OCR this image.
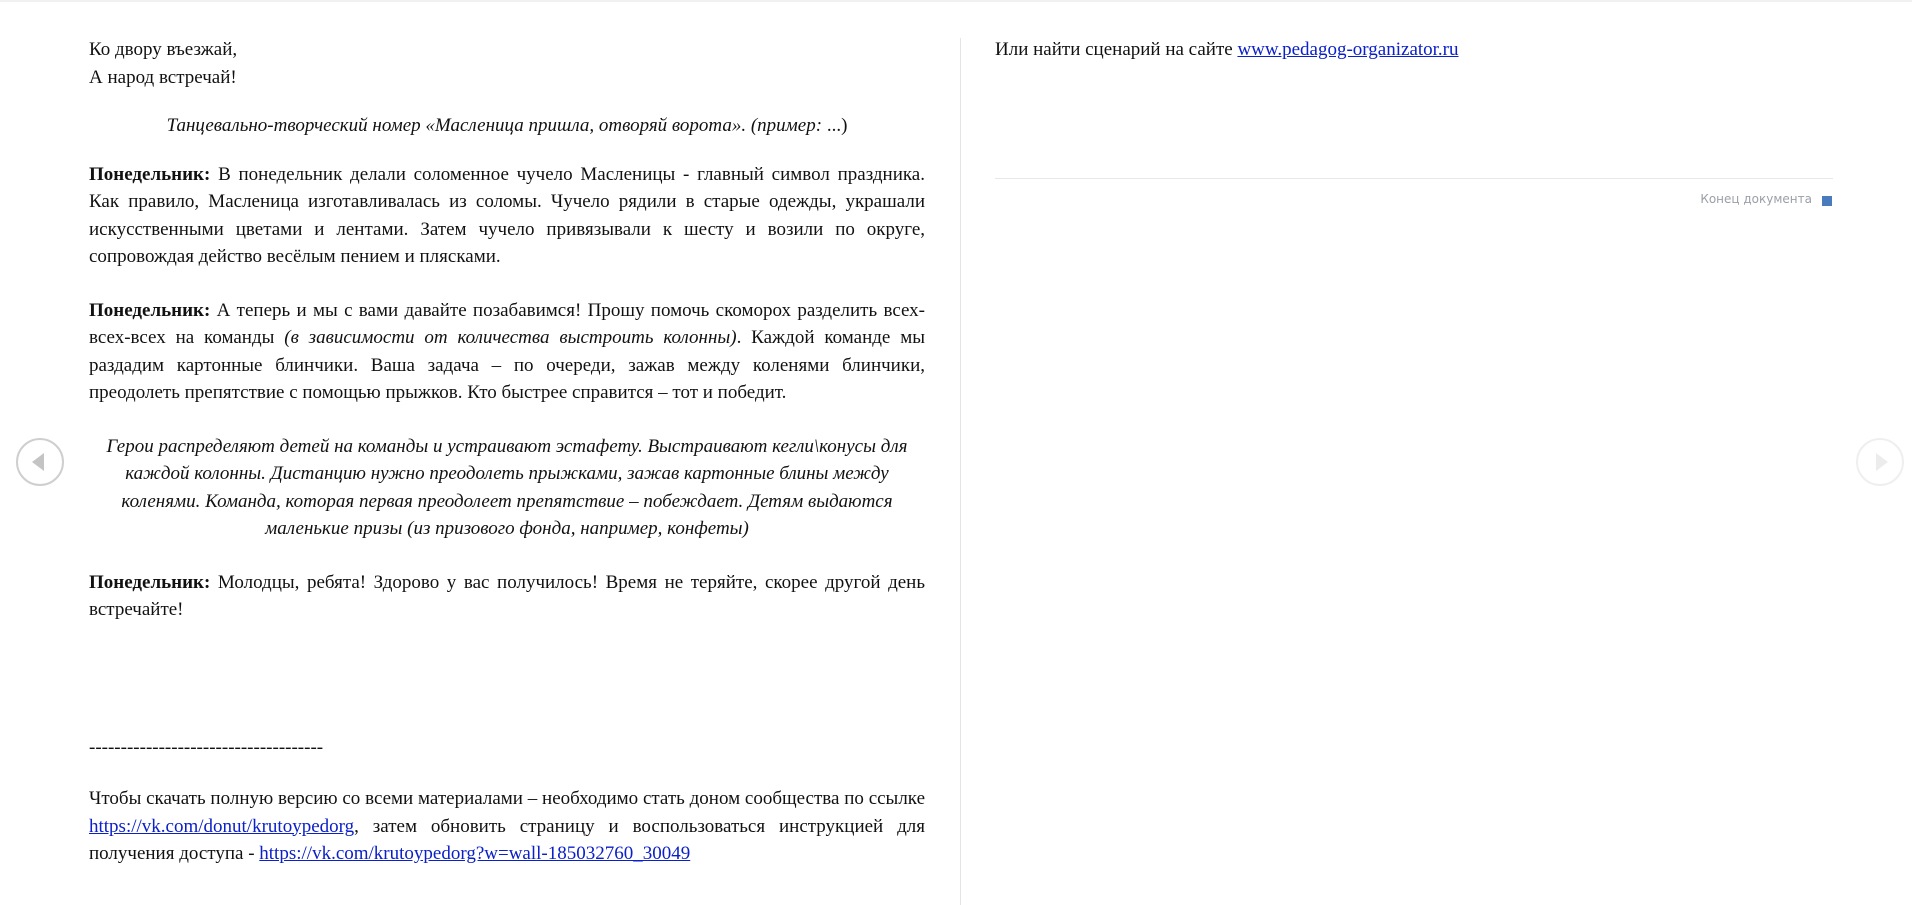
Ко двору въезжай,

А народ встречай!

Танцевально-творческий номер «Масленица пришла, отворяй ворота». (пример: ...)

Понедельник: В понедельник делали соломенное чучело Масленицы - главный символ праздника. Как правило, Масленица изготавливалась из соломы. Чучело рядили в старые одежды, украшали искусственными цветами и лентами. Затем чучело привязывали к шесту и возили по округе, сопровождая действо весёлым пением и плясками.

Понедельник: А теперь и мы с вами давайте позабавимся! Прошу помочь скоморох разделить всех-всех-всех на команды (в зависимости от количества выстроить колонны). Каждой команде мы раздадим картонные блинчики. Ваша задача – по очереди, зажав между коленями блинчики, преодолеть препятствие с помощью прыжков. Кто быстрее справится – тот и победит.

Герои распределяют детей на команды и устраивают эстафету. Выстраивают кегли\конусы для каждой колонны. Дистанцию нужно преодолеть прыжками, зажав картонные блины между коленями. Команда, которая первая преодолеет препятствие – побеждает. Детям выдаются маленькие призы (из призового фонда, например, конфеты)

Понедельник: Молодцы, ребята! Здорово у вас получилось! Время не теряйте, скорее другой день встречайте!

-------------------------------------

Чтобы скачать полную версию со всеми материалами – необходимо стать доном сообщества по ссылке https://vk.com/donut/krutoypedorg, затем обновить страницу и воспользоваться инструкцией для получения доступа - https://vk.com/krutoypedorg?w=wall-185032760_30049

Или найти сценарий на сайте www.pedagog-organizator.ru

Конец документа
